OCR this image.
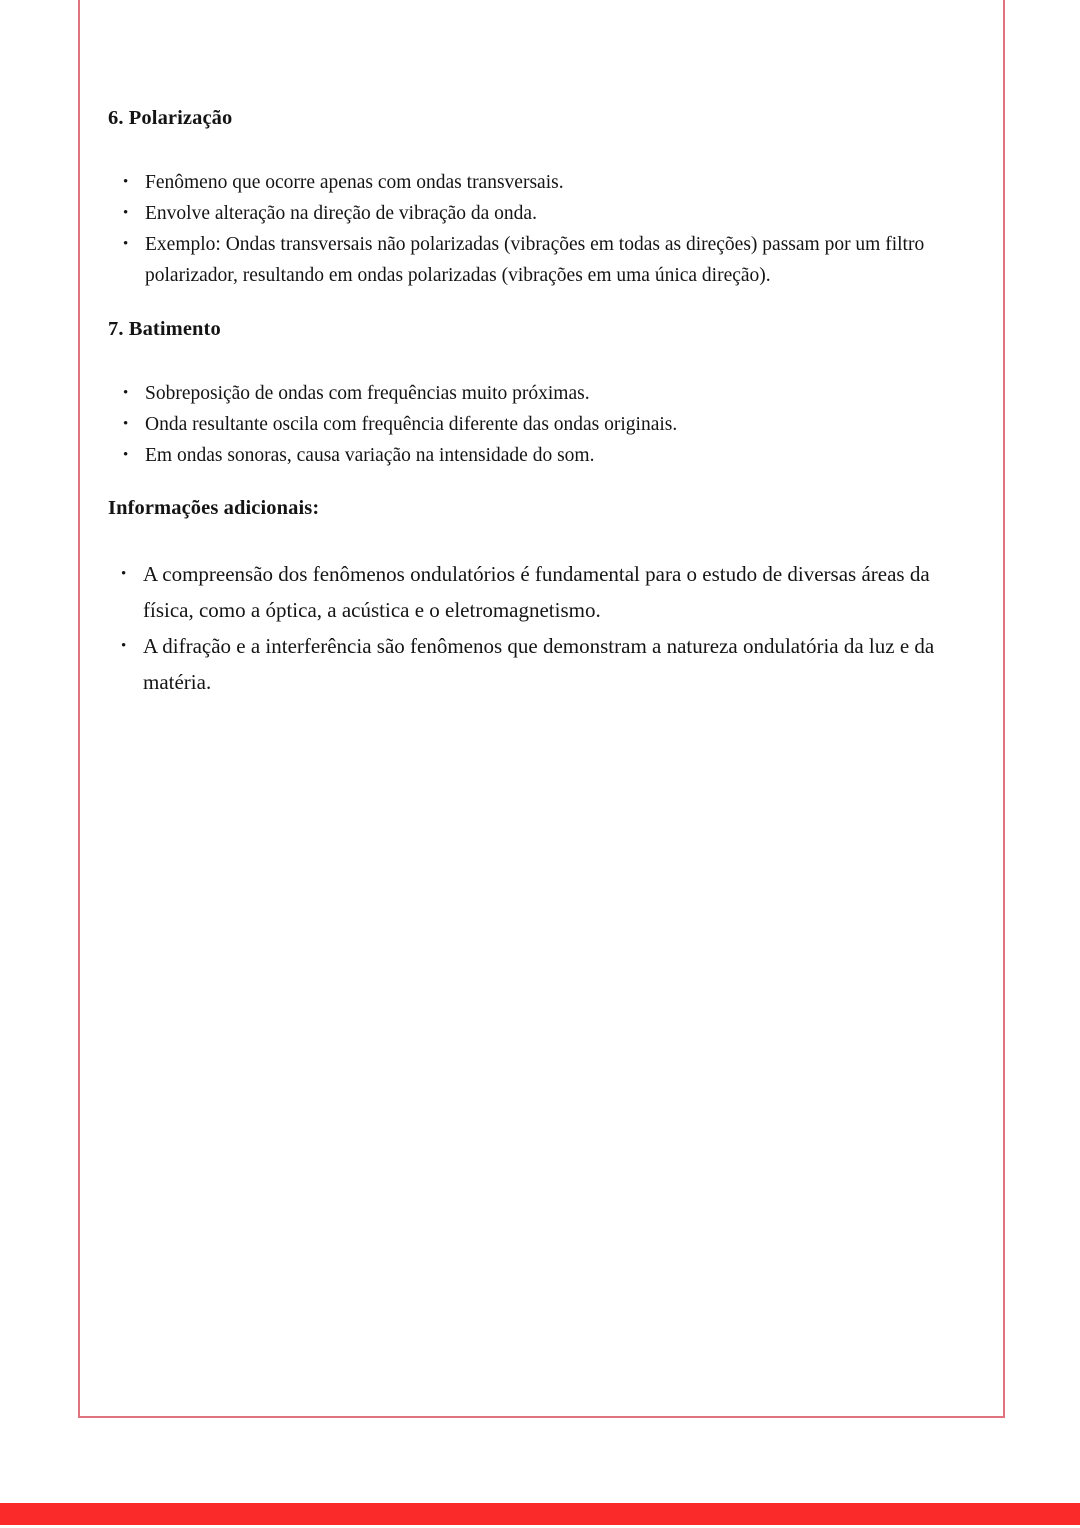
6. Polarização
• Fenômeno que ocorre apenas com ondas transversais.
• Envolve alteração na direção de vibração da onda.
• Exemplo: Ondas transversais não polarizadas (vibrações em todas as direções) passam por um filtro polarizador, resultando em ondas polarizadas (vibrações em uma única direção).
7. Batimento
• Sobreposição de ondas com frequências muito próximas.
• Onda resultante oscila com frequência diferente das ondas originais.
• Em ondas sonoras, causa variação na intensidade do som.
Informações adicionais:
• A compreensão dos fenômenos ondulatórios é fundamental para o estudo de diversas áreas da física, como a óptica, a acústica e o eletromagnetismo.
• A difração e a interferência são fenômenos que demonstram a natureza ondulatória da luz e da matéria.
